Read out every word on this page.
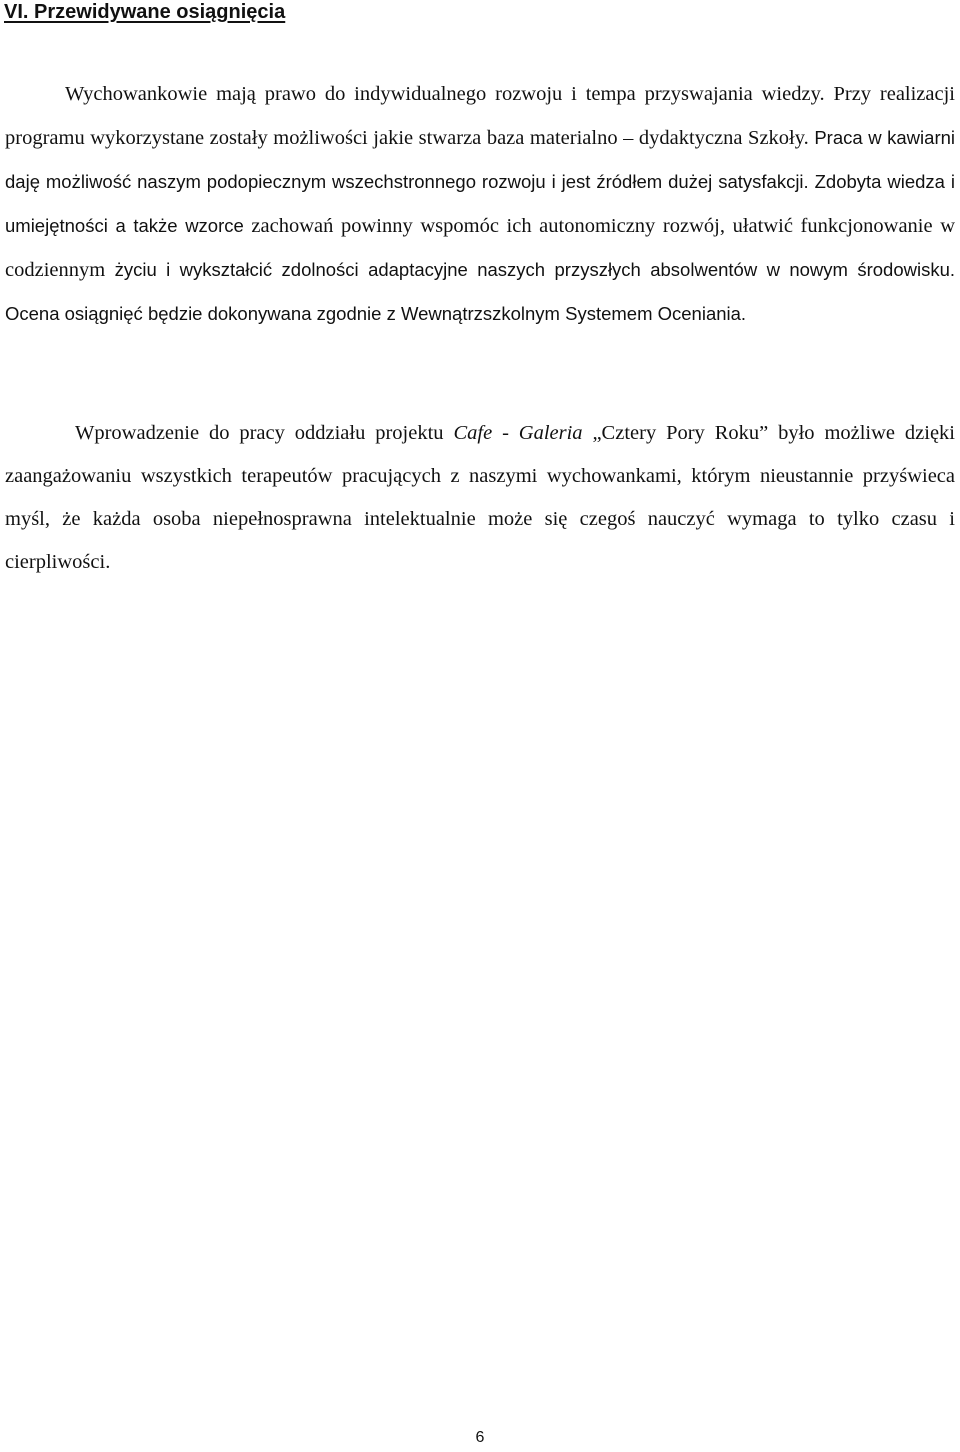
VI. Przewidywane osiągnięcia

Wychowankowie mają prawo do indywidualnego rozwoju i tempa przyswajania wiedzy. Przy realizacji programu wykorzystane zostały możliwości jakie stwarza baza materialno – dydaktyczna Szkoły. Praca w kawiarni daję możliwość naszym podopiecznym wszechstronnego rozwoju i jest źródłem dużej satysfakcji. Zdobyta wiedza i umiejętności a także wzorce zachowań powinny wspomóc ich autonomiczny rozwój, ułatwić funkcjonowanie w codziennym życiu i wykształcić zdolności adaptacyjne naszych przyszłych absolwentów w nowym środowisku. Ocena osiągnięć będzie dokonywana zgodnie z Wewnątrzszkolnym Systemem Oceniania.

Wprowadzenie do pracy oddziału projektu Cafe - Galeria „Cztery Pory Roku” było możliwe dzięki zaangażowaniu wszystkich terapeutów pracujących z naszymi wychowankami, którym nieustannie przyświeca myśl, że każda osoba niepełnosprawna intelektualnie może się czegoś nauczyć wymaga to tylko czasu i cierpliwości.

6
